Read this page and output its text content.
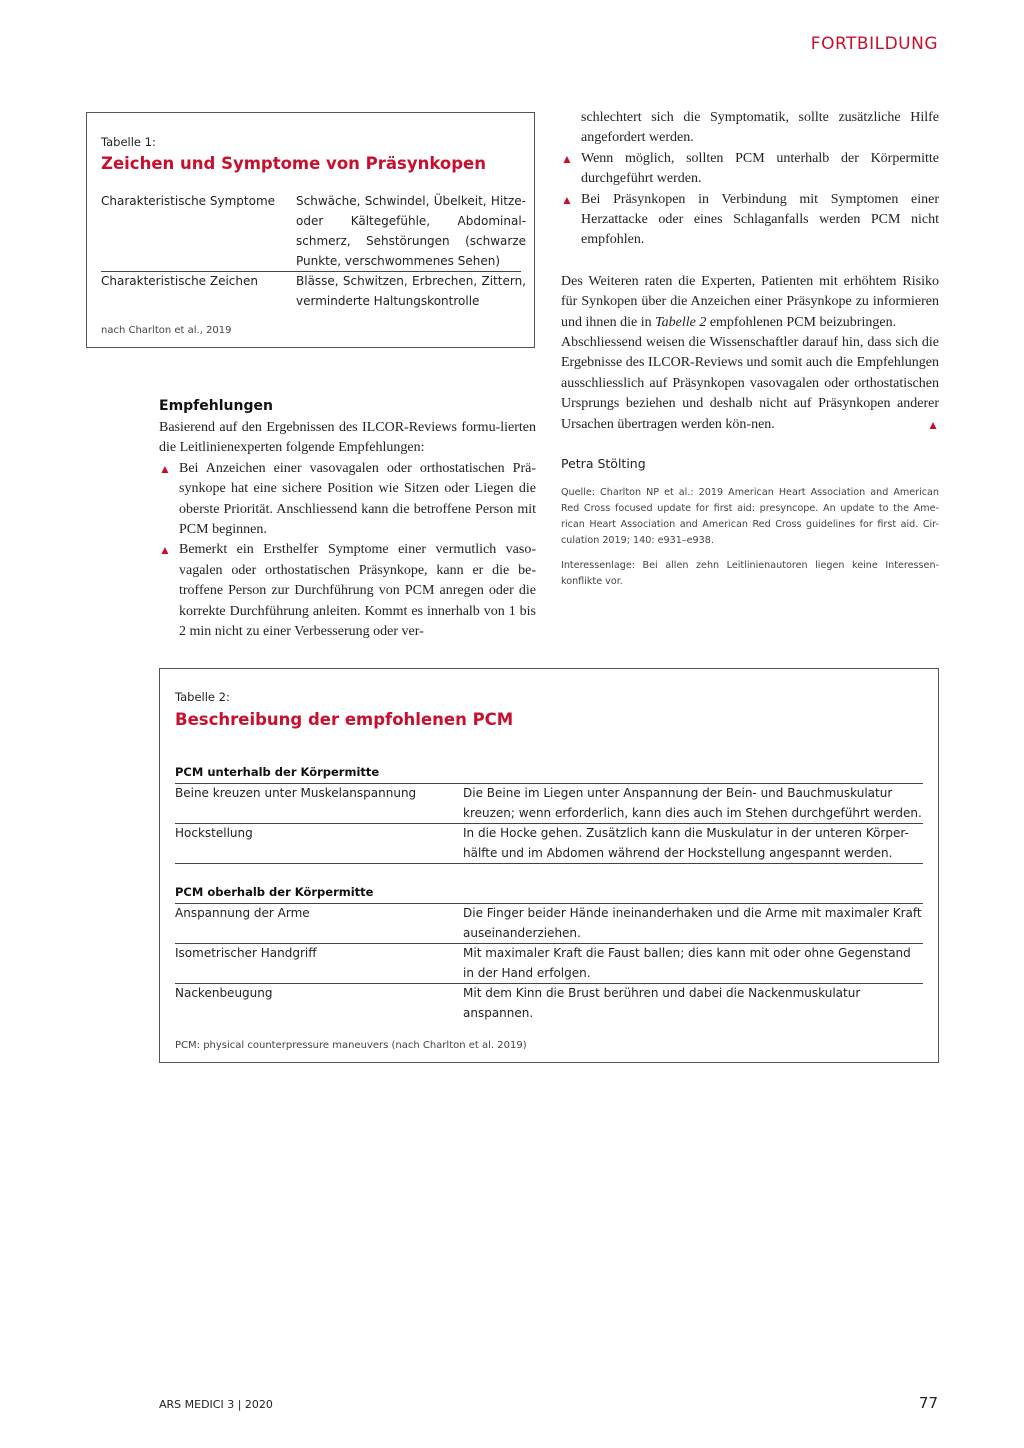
FORTBILDUNG
Tabelle 1:
Zeichen und Symptome von Präsynkopen
Charakteristische Symptome	Schwäche, Schwindel, Übelkeit, Hitze- oder Kältegefühle, Abdominal-schmerz, Sehstörungen (schwarze Punkte, verschwommenes Sehen)
Charakteristische Zeichen	Blässe, Schwitzen, Erbrechen, Zittern, verminderte Haltungskontrolle
nach Charlton et al., 2019
Empfehlungen
Basierend auf den Ergebnissen des ILCOR-Reviews formu-lierten die Leitlinienexperten folgende Empfehlungen:
▲ Bei Anzeichen einer vasovagalen oder orthostatischen Prä-synkope hat eine sichere Position wie Sitzen oder Liegen die oberste Priorität. Anschliessend kann die betroffene Person mit PCM beginnen.
▲ Bemerkt ein Ersthelfer Symptome einer vermutlich vaso-vagalen oder orthostatischen Präsynkope, kann er die be-troffene Person zur Durchführung von PCM anregen oder die korrekte Durchführung anleiten. Kommt es innerhalb von 1 bis 2 min nicht zu einer Verbesserung oder ver-
schlechtert sich die Symptomatik, sollte zusätzliche Hilfe angefordert werden.
▲ Wenn möglich, sollten PCM unterhalb der Körpermitte durchgeführt werden.
▲ Bei Präsynkopen in Verbindung mit Symptomen einer Herzattacke oder eines Schlaganfalls werden PCM nicht empfohlen.
Des Weiteren raten die Experten, Patienten mit erhöhtem Risiko für Synkopen über die Anzeichen einer Präsynkope zu informieren und ihnen die in Tabelle 2 empfohlenen PCM beizubringen.
Abschliessend weisen die Wissenschaftler darauf hin, dass sich die Ergebnisse des ILCOR-Reviews und somit auch die Empfehlungen ausschliesslich auf Präsynkopen vasovagalen oder orthostatischen Ursprungs beziehen und deshalb nicht auf Präsynkopen anderer Ursachen übertragen werden kön-nen.	▲
Petra Stölting
Quelle: Charlton NP et al.: 2019 American Heart Association and American Red Cross focused update for first aid: presyncope. An update to the Ame-rican Heart Association and American Red Cross guidelines for first aid. Cir-culation 2019; 140: e931–e938.
Interessenlage: Bei allen zehn Leitlinienautoren liegen keine Interessen-konflikte vor.
Tabelle 2:
Beschreibung der empfohlenen PCM
PCM unterhalb der Körpermitte
Beine kreuzen unter Muskelanspannung	Die Beine im Liegen unter Anspannung der Bein- und Bauchmuskulatur kreuzen; wenn erforderlich, kann dies auch im Stehen durchgeführt werden.
Hockstellung	In die Hocke gehen. Zusätzlich kann die Muskulatur in der unteren Körper-hälfte und im Abdomen während der Hockstellung angespannt werden.
PCM oberhalb der Körpermitte
Anspannung der Arme	Die Finger beider Hände ineinanderhaken und die Arme mit maximaler Kraft auseinanderziehen.
Isometrischer Handgriff	Mit maximaler Kraft die Faust ballen; dies kann mit oder ohne Gegenstand in der Hand erfolgen.
Nackenbeugung	Mit dem Kinn die Brust berühren und dabei die Nackenmuskulatur anspannen.
PCM: physical counterpressure maneuvers (nach Charlton et al. 2019)
ARS MEDICI 3 | 2020	77
